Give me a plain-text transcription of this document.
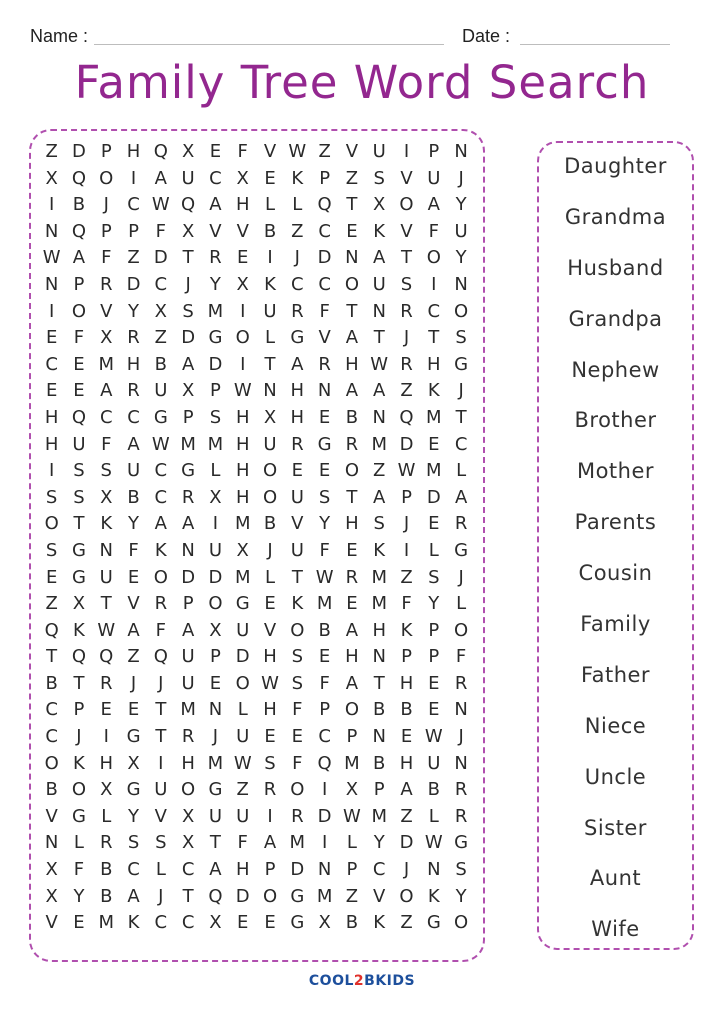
Name :	Date :
Family Tree Word Search
Z D P H Q X E F V W Z V U	I	P N
X Q O I	A U C X E K P Z S V U	J
I	B	J	C W Q A H L L Q T X O A Y
N Q P P F X V V B Z C E K V F U
W A F Z D T R E	I	J D N A T O Y
N P R D C	J	Y X K C C O U S	I N
I O V Y X S M I	U R F T N R C O
E F X R Z D G O L G V A T	J	T S
C E M H B A D I	T A R H W R H G
E E A R U X P W N H N A A Z K	J
H Q C C G P S H X H E B N Q M T
H U F A W M M H U R G R M D E C
I	S S U C G L H O E E O Z W M L
S S X B C R X H O U S T A P D A
O T K Y A A	I M B V Y H S	J	E R
S G N F K N U X	J	U F E K	I	L G
E G U E O D D M L T W R M Z S	J
Z X T V R P O G E K M E M F Y L
Q K W A F A X U V O B A H K P O
T Q Q Z Q U P D H S E H N P P F
B T R	J	J	U E O W S F A T H E R
C P E E T M N L H F P O B B E N
C	J	I G T R	J	U E E C P N E W J
O K H X	I H M W S F Q M B H U N
B O X G U O G Z R O I	X P A B R
V G L Y V X U U	I	R D W M Z L R
N L R S S X T F A M I	L Y D W G
X F B C L C A H P D N P C	J N S
X Y B A	J	T Q D O G M Z V O K Y
V E M K C C X E E G X B K Z G O
Daughter
Grandma
Husband
Grandpa
Nephew
Brother
Mother
Parents
Cousin
Family
Father
Niece
Uncle
Sister
Aunt
Wife
COOL2BKIDS
